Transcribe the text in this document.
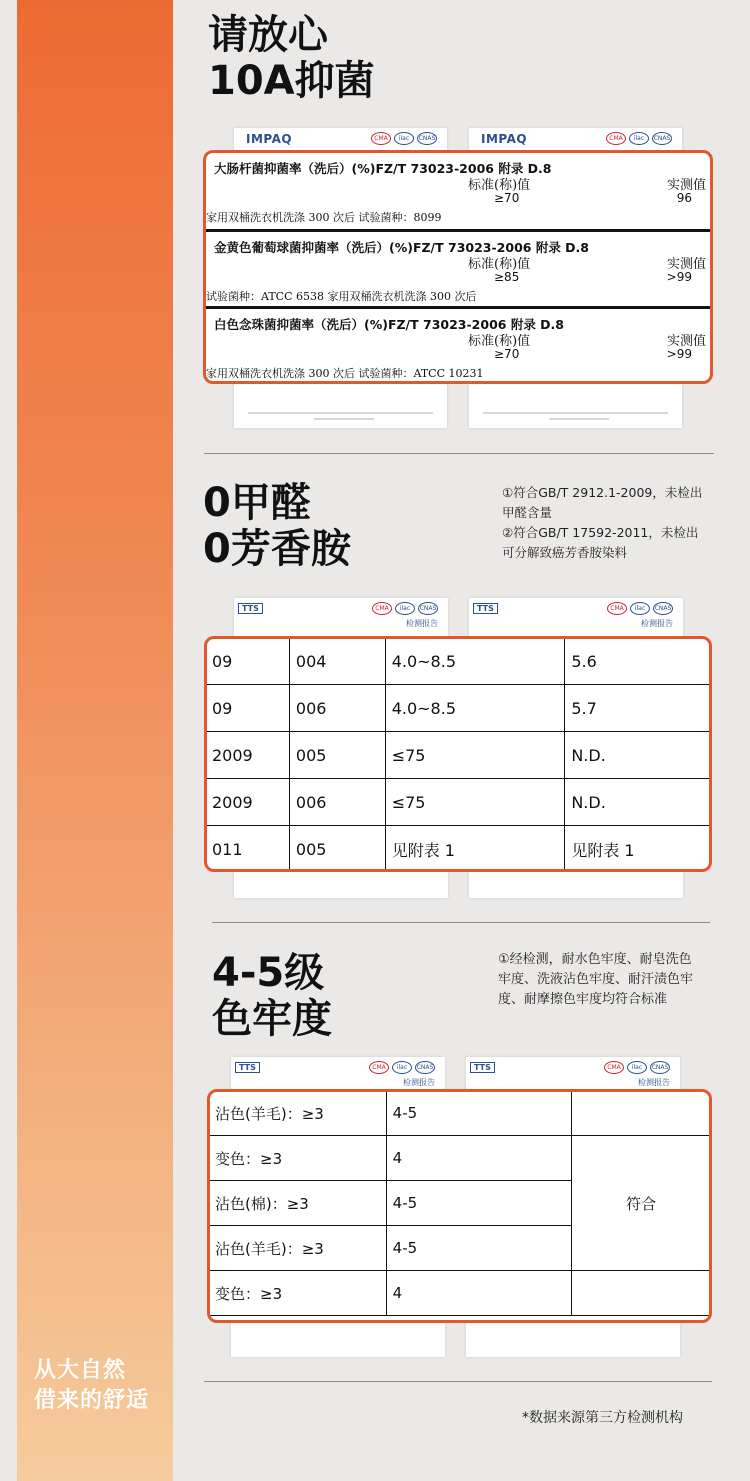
从大自然
借来的舒适
请放心
10A抑菌
IMPAQ	CMA	ilac	CNAS	IMPAQ	CMA	ilac	CNAS
大肠杆菌抑菌率（洗后）(%)FZ/T 73023-2006 附录 D.8
标准(称)值
≥70
实测值
96
家用双桶洗衣机洗涤 300 次后 试验菌种：8099
金黄色葡萄球菌抑菌率（洗后）(%)FZ/T 73023-2006 附录 D.8
标准(称)值
≥85
实测值
>99
试验菌种：ATCC 6538 家用双桶洗衣机洗涤 300 次后
白色念珠菌抑菌率（洗后）(%)FZ/T 73023-2006 附录 D.8
标准(称)值
≥70
实测值
>99
家用双桶洗衣机洗涤 300 次后 试验菌种：ATCC 10231
0甲醛
0芳香胺
①符合GB/T 2912.1-2009，未检出
甲醛含量
②符合GB/T 17592-2011，未检出
可分解致癌芳香胺染料
TTS	CMA	ilac	CNAS
检测报告
TTS	CMA	ilac	CNAS
检测报告
09	004	4.0~8.5	5.6
09	006	4.0~8.5	5.7
2009	005	≤75	N.D.
2009	006	≤75	N.D.
011	005	见附表 1	见附表 1
4-5级
色牢度
①经检测，耐水色牢度、耐皂洗色
牢度、洗液沾色牢度、耐汗渍色牢
度、耐摩擦色牢度均符合标准
TTS	CMA	ilac	CNAS
检测报告
TTS	CMA	ilac	CNAS
检测报告
沾色(羊毛)：≥3	4-5	
变色：≥3	4	符合
沾色(棉)：≥3	4-5	
沾色(羊毛)：≥3	4-5	
变色：≥3	4	
*数据来源第三方检测机构
